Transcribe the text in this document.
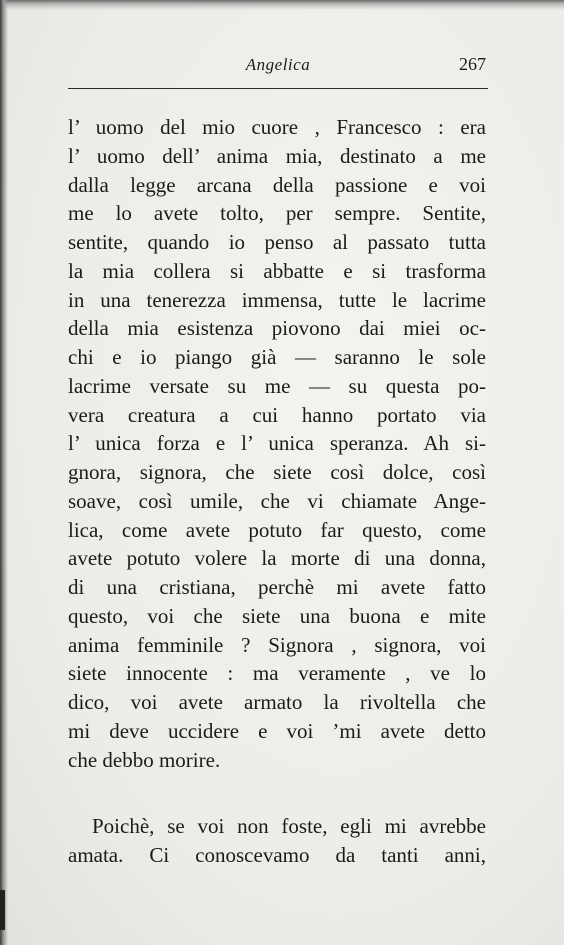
Angelica	267
l’ uomo del mio cuore , Francesco : era
l’ uomo dell’ anima mia, destinato a me
dalla legge arcana della passione e voi
me lo avete tolto, per sempre. Sentite,
sentite, quando io penso al passato tutta
la mia collera si abbatte e si trasforma
in una tenerezza immensa, tutte le lacrime
della mia esistenza piovono dai miei oc-
chi e io piango già — saranno le sole
lacrime versate su me — su questa po-
vera creatura a cui hanno portato via
l’ unica forza e l’ unica speranza. Ah si-
gnora, signora, che siete così dolce, così
soave, così umile, che vi chiamate Ange-
lica, come avete potuto far questo, come
avete potuto volere la morte di una donna,
di una cristiana, perchè mi avete fatto
questo, voi che siete una buona e mite
anima femminile ? Signora , signora, voi
siete innocente : ma veramente , ve lo
dico, voi avete armato la rivoltella che
mi deve uccidere e voi ’mi avete detto
che debbo morire.
Poichè, se voi non foste, egli mi avrebbe
amata. Ci conoscevamo da tanti anni,
